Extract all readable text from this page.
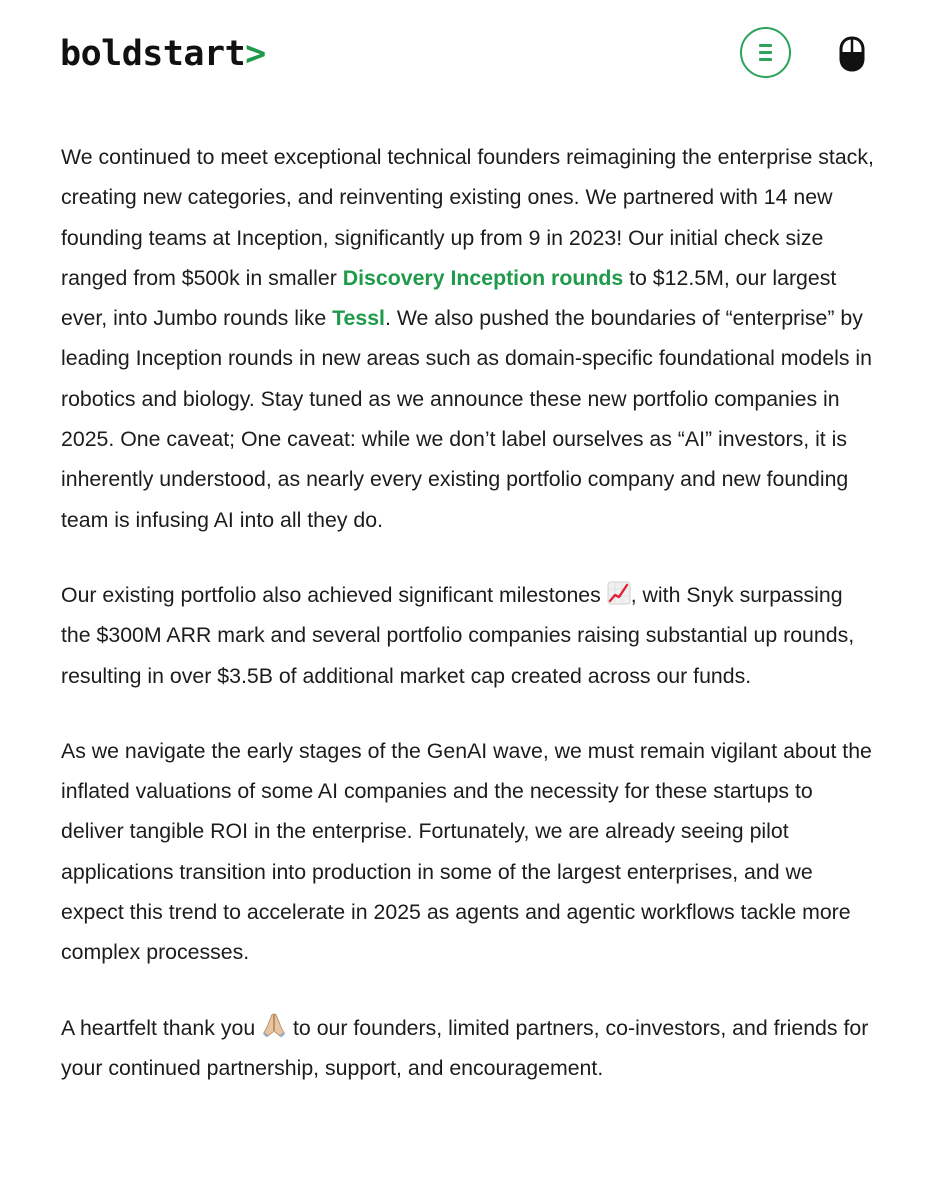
boldstart>

We continued to meet exceptional technical founders reimagining the enterprise stack, creating new categories, and reinventing existing ones. We partnered with 14 new founding teams at Inception, significantly up from 9 in 2023! Our initial check size ranged from $500k in smaller Discovery Inception rounds to $12.5M, our largest ever, into Jumbo rounds like Tessl. We also pushed the boundaries of “enterprise” by leading Inception rounds in new areas such as domain-specific foundational models in robotics and biology. Stay tuned as we announce these new portfolio companies in 2025. One caveat; One caveat: while we don’t label ourselves as “AI” investors, it is inherently understood, as nearly every existing portfolio company and new founding team is infusing AI into all they do.

Our existing portfolio also achieved significant milestones
, with Snyk surpassing the $300M ARR mark and several portfolio companies raising substantial up rounds, resulting in over $3.5B of additional market cap created across our funds.

As we navigate the early stages of the GenAI wave, we must remain vigilant about the inflated valuations of some AI companies and the necessity for these startups to deliver tangible ROI in the enterprise. Fortunately, we are already seeing pilot applications transition into production in some of the largest enterprises, and we expect this trend to accelerate in 2025 as agents and agentic workflows tackle more complex processes.

A heartfelt thank you
to our founders, limited partners, co-investors, and friends for your continued partnership, support, and encouragement.
